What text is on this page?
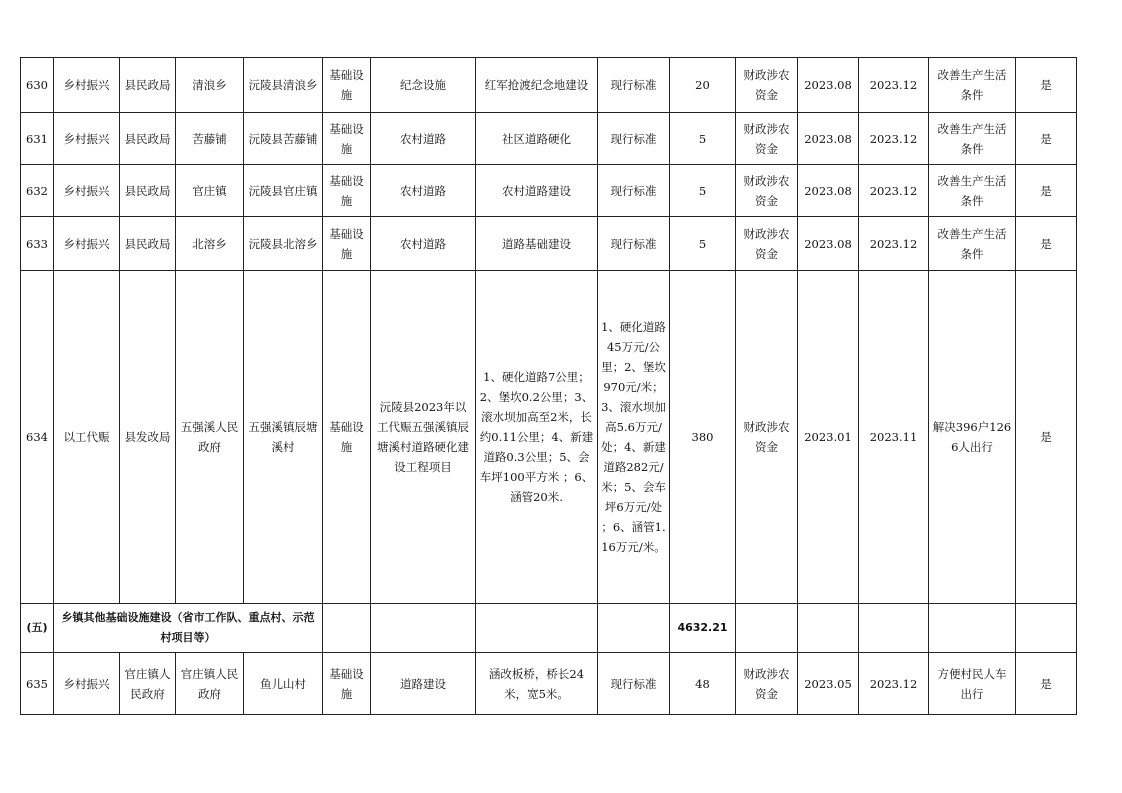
630	乡村振兴	县民政局	清浪乡	沅陵县清浪乡	基础设施	纪念设施	红军抢渡纪念地建设	现行标准	20	财政涉农资金	2023.08	2023.12	改善生产生活条件	是
631	乡村振兴	县民政局	苦藤铺	沅陵县苦藤铺	基础设施	农村道路	社区道路硬化	现行标准	5	财政涉农资金	2023.08	2023.12	改善生产生活条件	是
632	乡村振兴	县民政局	官庄镇	沅陵县官庄镇	基础设施	农村道路	农村道路建设	现行标准	5	财政涉农资金	2023.08	2023.12	改善生产生活条件	是
633	乡村振兴	县民政局	北溶乡	沅陵县北溶乡	基础设施	农村道路	道路基础建设	现行标准	5	财政涉农资金	2023.08	2023.12	改善生产生活条件	是
634	以工代赈	县发改局	五强溪人民政府	五强溪镇辰塘溪村	基础设施	沅陵县2023年以工代赈五强溪镇辰塘溪村道路硬化建设工程项目	1、硬化道路7公里；2、堡坎0.2公里；3、滚水坝加高至2米，长约0.11公里；4、新建道路0.3公里；5、会车坪100平方米 ；6、涵管20米.	1、硬化道路45万元/公里；2、堡坎970元/米；3、滚水坝加高5.6万元/处；4、新建道路282元/米；5、会车坪6万元/处 ；6、涵管1.16万元/米。	380	财政涉农资金	2023.01	2023.11	解决396户1266人出行	是
(五)	乡镇其他基础设施建设（省市工作队、重点村、示范村项目等）								4632.21					
635	乡村振兴	官庄镇人民政府	官庄镇人民政府	鱼儿山村	基础设施	道路建设	涵改板桥，桥长24米，宽5米。	现行标准	48	财政涉农资金	2023.05	2023.12	方便村民人车出行	是
